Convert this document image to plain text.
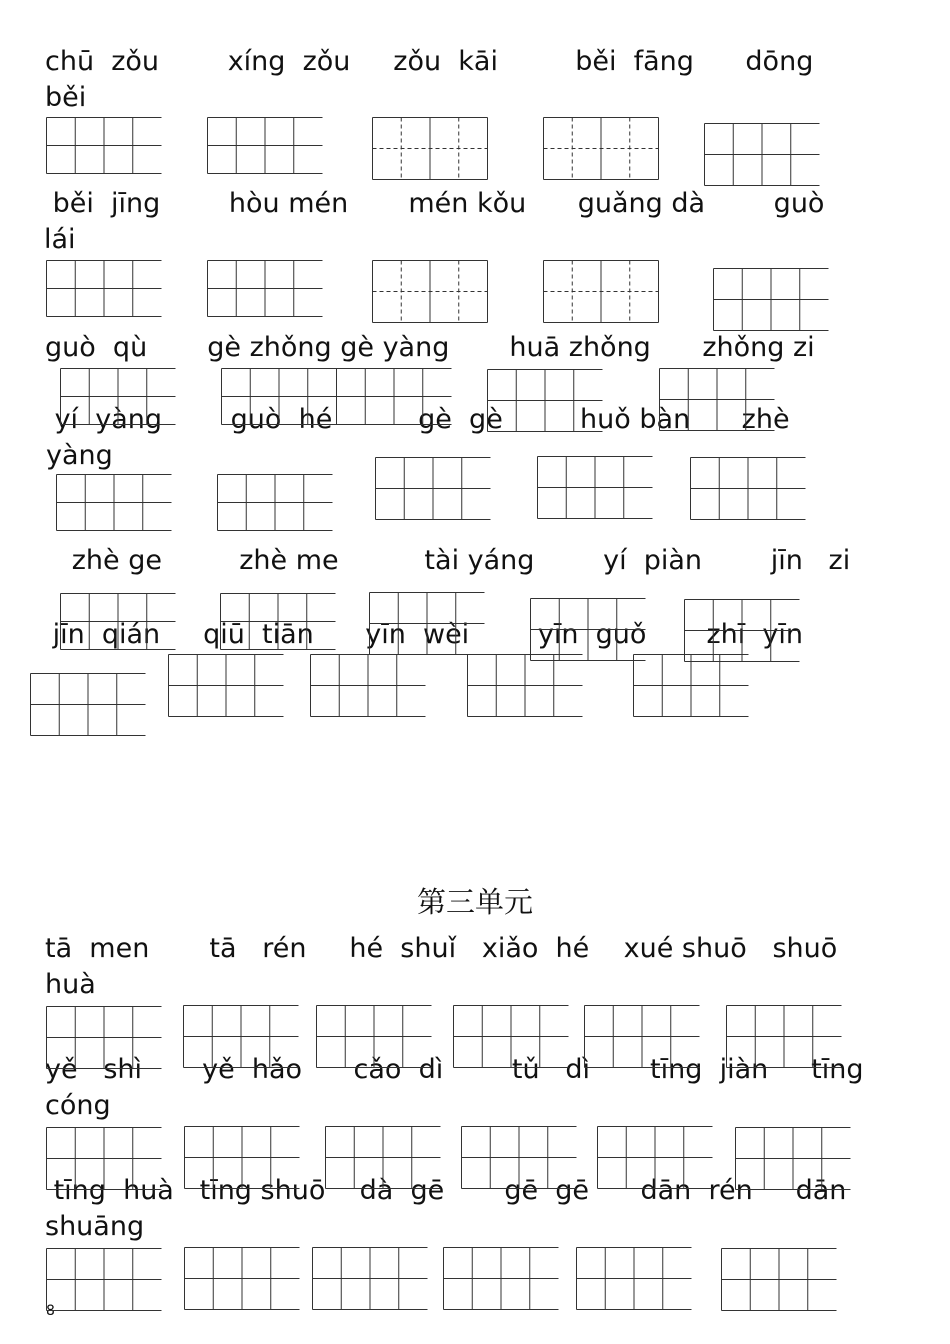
chū  zǒu        xíng  zǒu     zǒu  kāi         běi  fāng      dōng
běi
běi  jīng        hòu mén       mén kǒu      guǎng dà        guò
lái
guò  qù       gè zhǒng gè yàng       huā zhǒng      zhǒng zi
yí  yàng        guò  hé          gè  gè         huǒ bàn      zhè
yàng
zhè ge         zhè me          tài yáng        yí  piàn        jīn   zi
jīn  qián     qiū  tiān      yīn  wèi        yīn  guǒ       zhī  yīn
第三单元
tā  men       tā   rén     hé  shuǐ   xiǎo  hé    xué shuō   shuō
huà
yě   shì       yě  hǎo      cǎo  dì        tǔ   dì       tīng  jiàn     tīng
cóng
tīng  huà   tīng shuō    dà  gē       gē  gē      dān  rén     dān
shuāng
8
